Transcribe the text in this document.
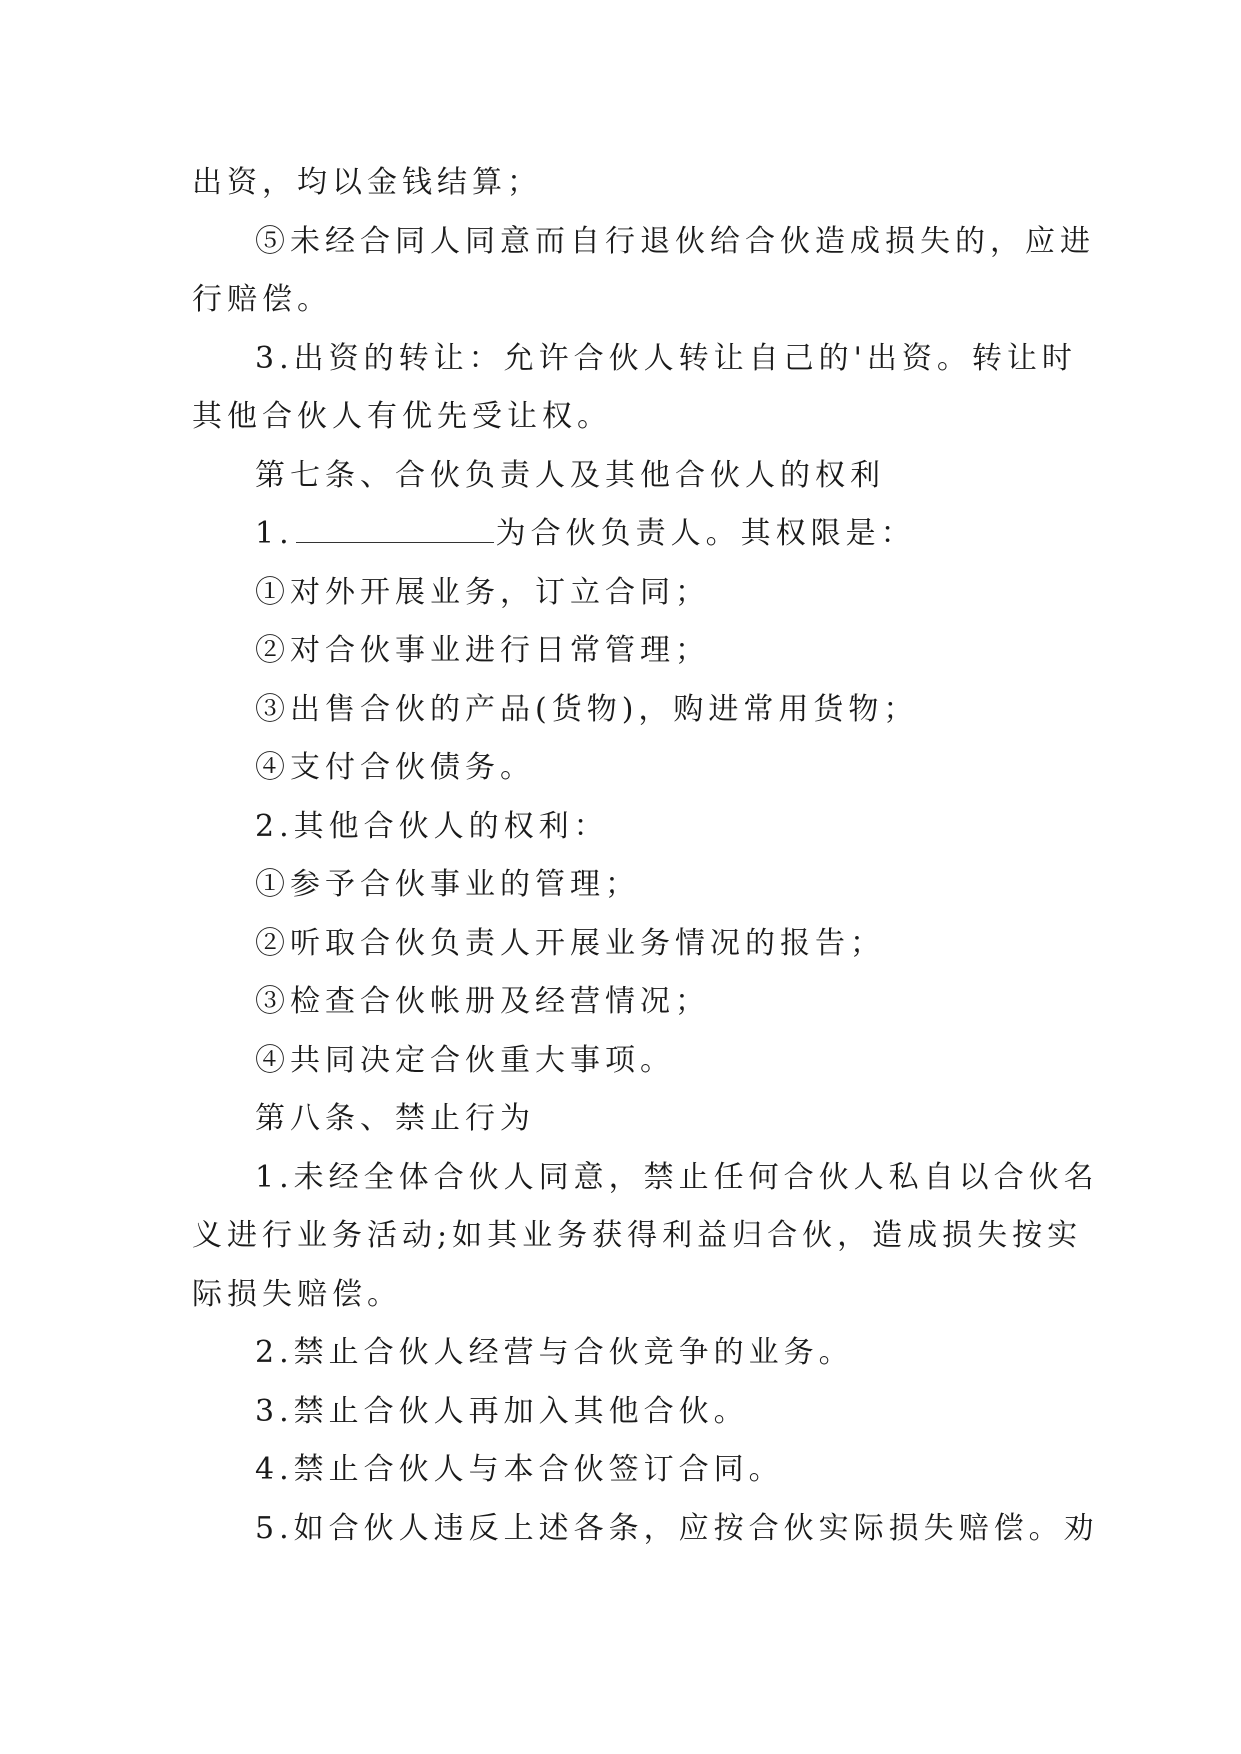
出资，均以金钱结算；
⑤未经合同人同意而自行退伙给合伙造成损失的，应进
行赔偿。
3.出资的转让：允许合伙人转让自己的'出资。转让时
其他合伙人有优先受让权。
第七条、合伙负责人及其他合伙人的权利
1.	为合伙负责人。其权限是：
①对外开展业务，订立合同；
②对合伙事业进行日常管理；
③出售合伙的产品(货物)，购进常用货物；
④支付合伙债务。
2.其他合伙人的权利：
①参予合伙事业的管理；
②听取合伙负责人开展业务情况的报告；
③检查合伙帐册及经营情况；
④共同决定合伙重大事项。
第八条、禁止行为
1.未经全体合伙人同意，禁止任何合伙人私自以合伙名
义进行业务活动;如其业务获得利益归合伙，造成损失按实
际损失赔偿。
2.禁止合伙人经营与合伙竞争的业务。
3.禁止合伙人再加入其他合伙。
4.禁止合伙人与本合伙签订合同。
5.如合伙人违反上述各条，应按合伙实际损失赔偿。劝
